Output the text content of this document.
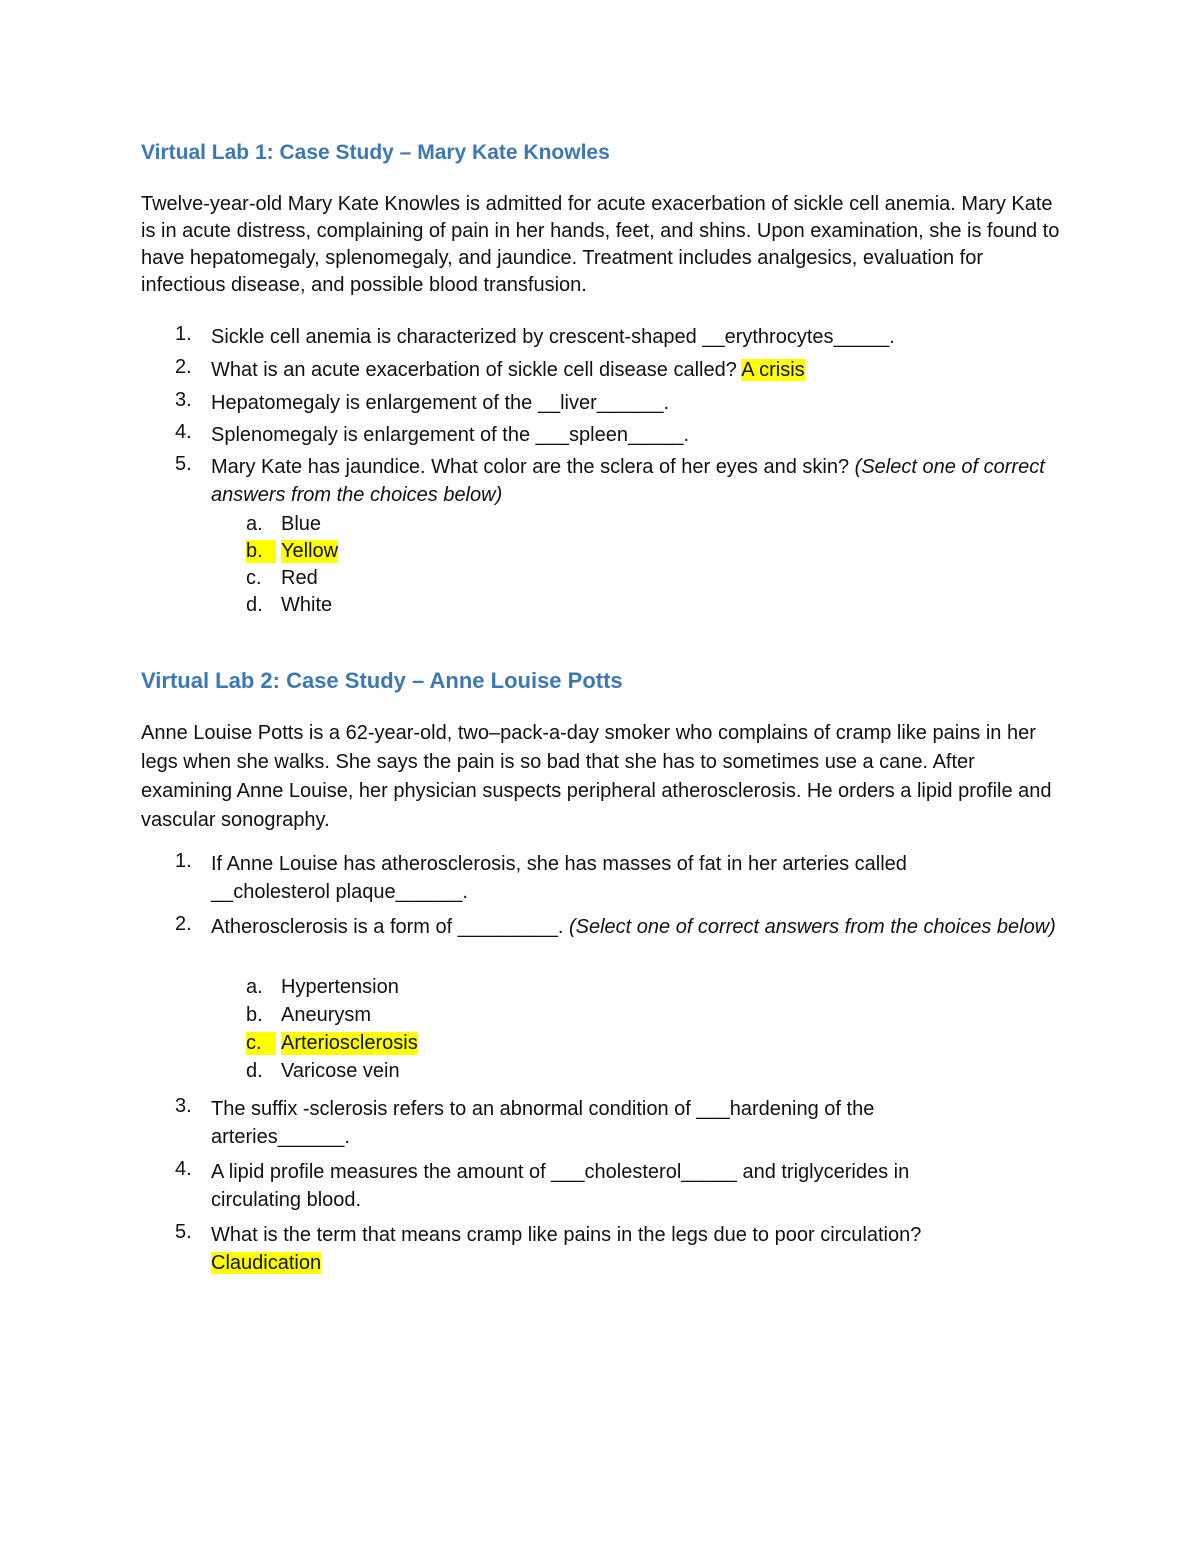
Virtual Lab 1: Case Study – Mary Kate Knowles

Twelve-year-old Mary Kate Knowles is admitted for acute exacerbation of sickle cell anemia. Mary Kate is in acute distress, complaining of pain in her hands, feet, and shins. Upon examination, she is found to have hepatomegaly, splenomegaly, and jaundice. Treatment includes analgesics, evaluation for infectious disease, and possible blood transfusion.

1. Sickle cell anemia is characterized by crescent-shaped __erythrocytes_____.
2. What is an acute exacerbation of sickle cell disease called? A crisis
3. Hepatomegaly is enlargement of the __liver______.
4. Splenomegaly is enlargement of the ___spleen_____.
5. Mary Kate has jaundice. What color are the sclera of her eyes and skin? (Select one of correct answers from the choices below)
a. Blue
b. Yellow
c. Red
d. White
Virtual Lab 2: Case Study – Anne Louise Potts

Anne Louise Potts is a 62-year-old, two–pack-a-day smoker who complains of cramp like pains in her legs when she walks. She says the pain is so bad that she has to sometimes use a cane. After examining Anne Louise, her physician suspects peripheral atherosclerosis. He orders a lipid profile and vascular sonography.

1. If Anne Louise has atherosclerosis, she has masses of fat in her arteries called __cholesterol plaque______.
2. Atherosclerosis is a form of _________. (Select one of correct answers from the choices below)
a. Hypertension
b. Aneurysm
c. Arteriosclerosis
d. Varicose vein
3. The suffix -sclerosis refers to an abnormal condition of ___hardening of the arteries______.
4. A lipid profile measures the amount of ___cholesterol_____ and triglycerides in circulating blood.
5. What is the term that means cramp like pains in the legs due to poor circulation? Claudication
